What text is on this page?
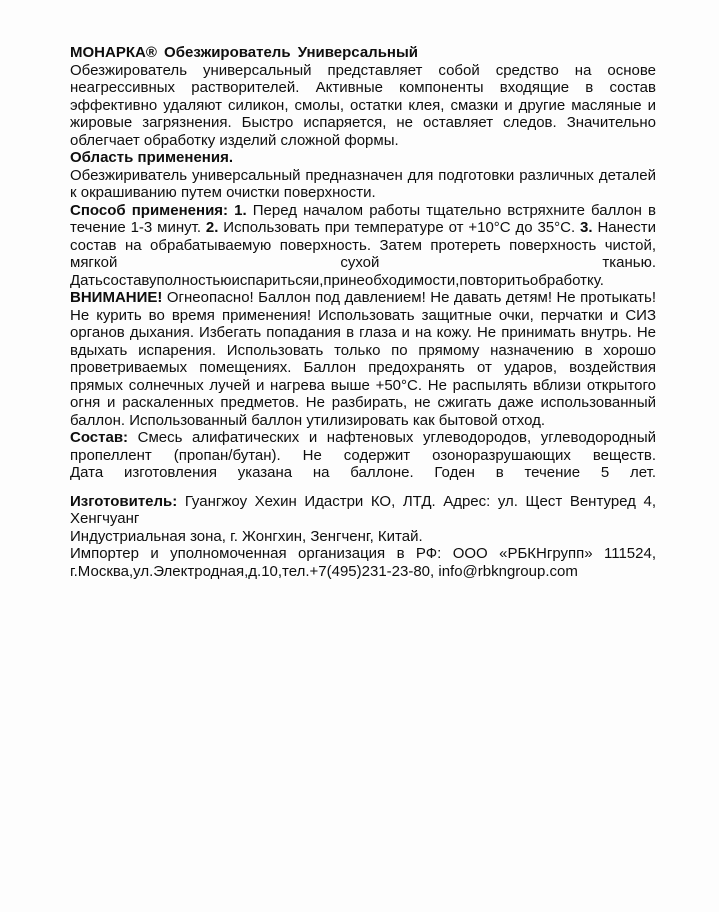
МОНАРКА® Обезжирователь Универсальный

Обезжирователь универсальный представляет собой средство на основе неагрессивных растворителей. Активные компоненты входящие в состав эффективно удаляют силикон, смолы, остатки клея, смазки и другие масляные и жировые загрязнения. Быстро испаряется, не оставляет следов. Значительно облегчает обработку изделий сложной формы.

Область применения.
Обезжириватель универсальный предназначен для подготовки различных деталей к окрашиванию путем очистки поверхности.

Способ применения: 1. Перед началом работы тщательно встряхните баллон в течение 1-3 минут. 2. Использовать при температуре от +10°С до 35°С. 3. Нанести состав на обрабатываемую поверхность. Затем протереть поверхность чистой, мягкой сухой тканью. Датьсоставуполностьюиспаритьсяи,принеобходимости,повторитьобработку.

ВНИМАНИЕ! Огнеопасно! Баллон под давлением! Не давать детям! Не протыкать! Не курить во время применения! Использовать защитные очки, перчатки и СИЗ органов дыхания. Избегать попадания в глаза и на кожу. Не принимать внутрь. Не вдыхать испарения. Использовать только по прямому назначению в хорошо проветриваемых помещениях. Баллон предохранять от ударов, воздействия прямых солнечных лучей и нагрева выше +50°С. Не распылять вблизи открытого огня и раскаленных предметов. Не разбирать, не сжигать даже использованный баллон. Использованный баллон утилизировать как бытовой отход.

Состав: Смесь алифатических и нафтеновых углеводородов, углеводородный
пропеллент (пропан/бутан). Не содержит озоноразрушающих веществ.
Дата изготовления указана на баллоне. Годен в течение 5 лет.
Изготовитель: Гуангжоу Хехин Идастри КО, ЛТД. Адрес: ул. Щест Вентуред 4, Хенгчуанг
Индустриальная зона, г. Жонгхин, Зенгченг, Китай.
Импортер и уполномоченная организация в РФ: ООО «РБКНгрупп» 111524,
г.Москва,ул.Электродная,д.10,тел.+7(495)231-23-80, info@rbkngroup.com
